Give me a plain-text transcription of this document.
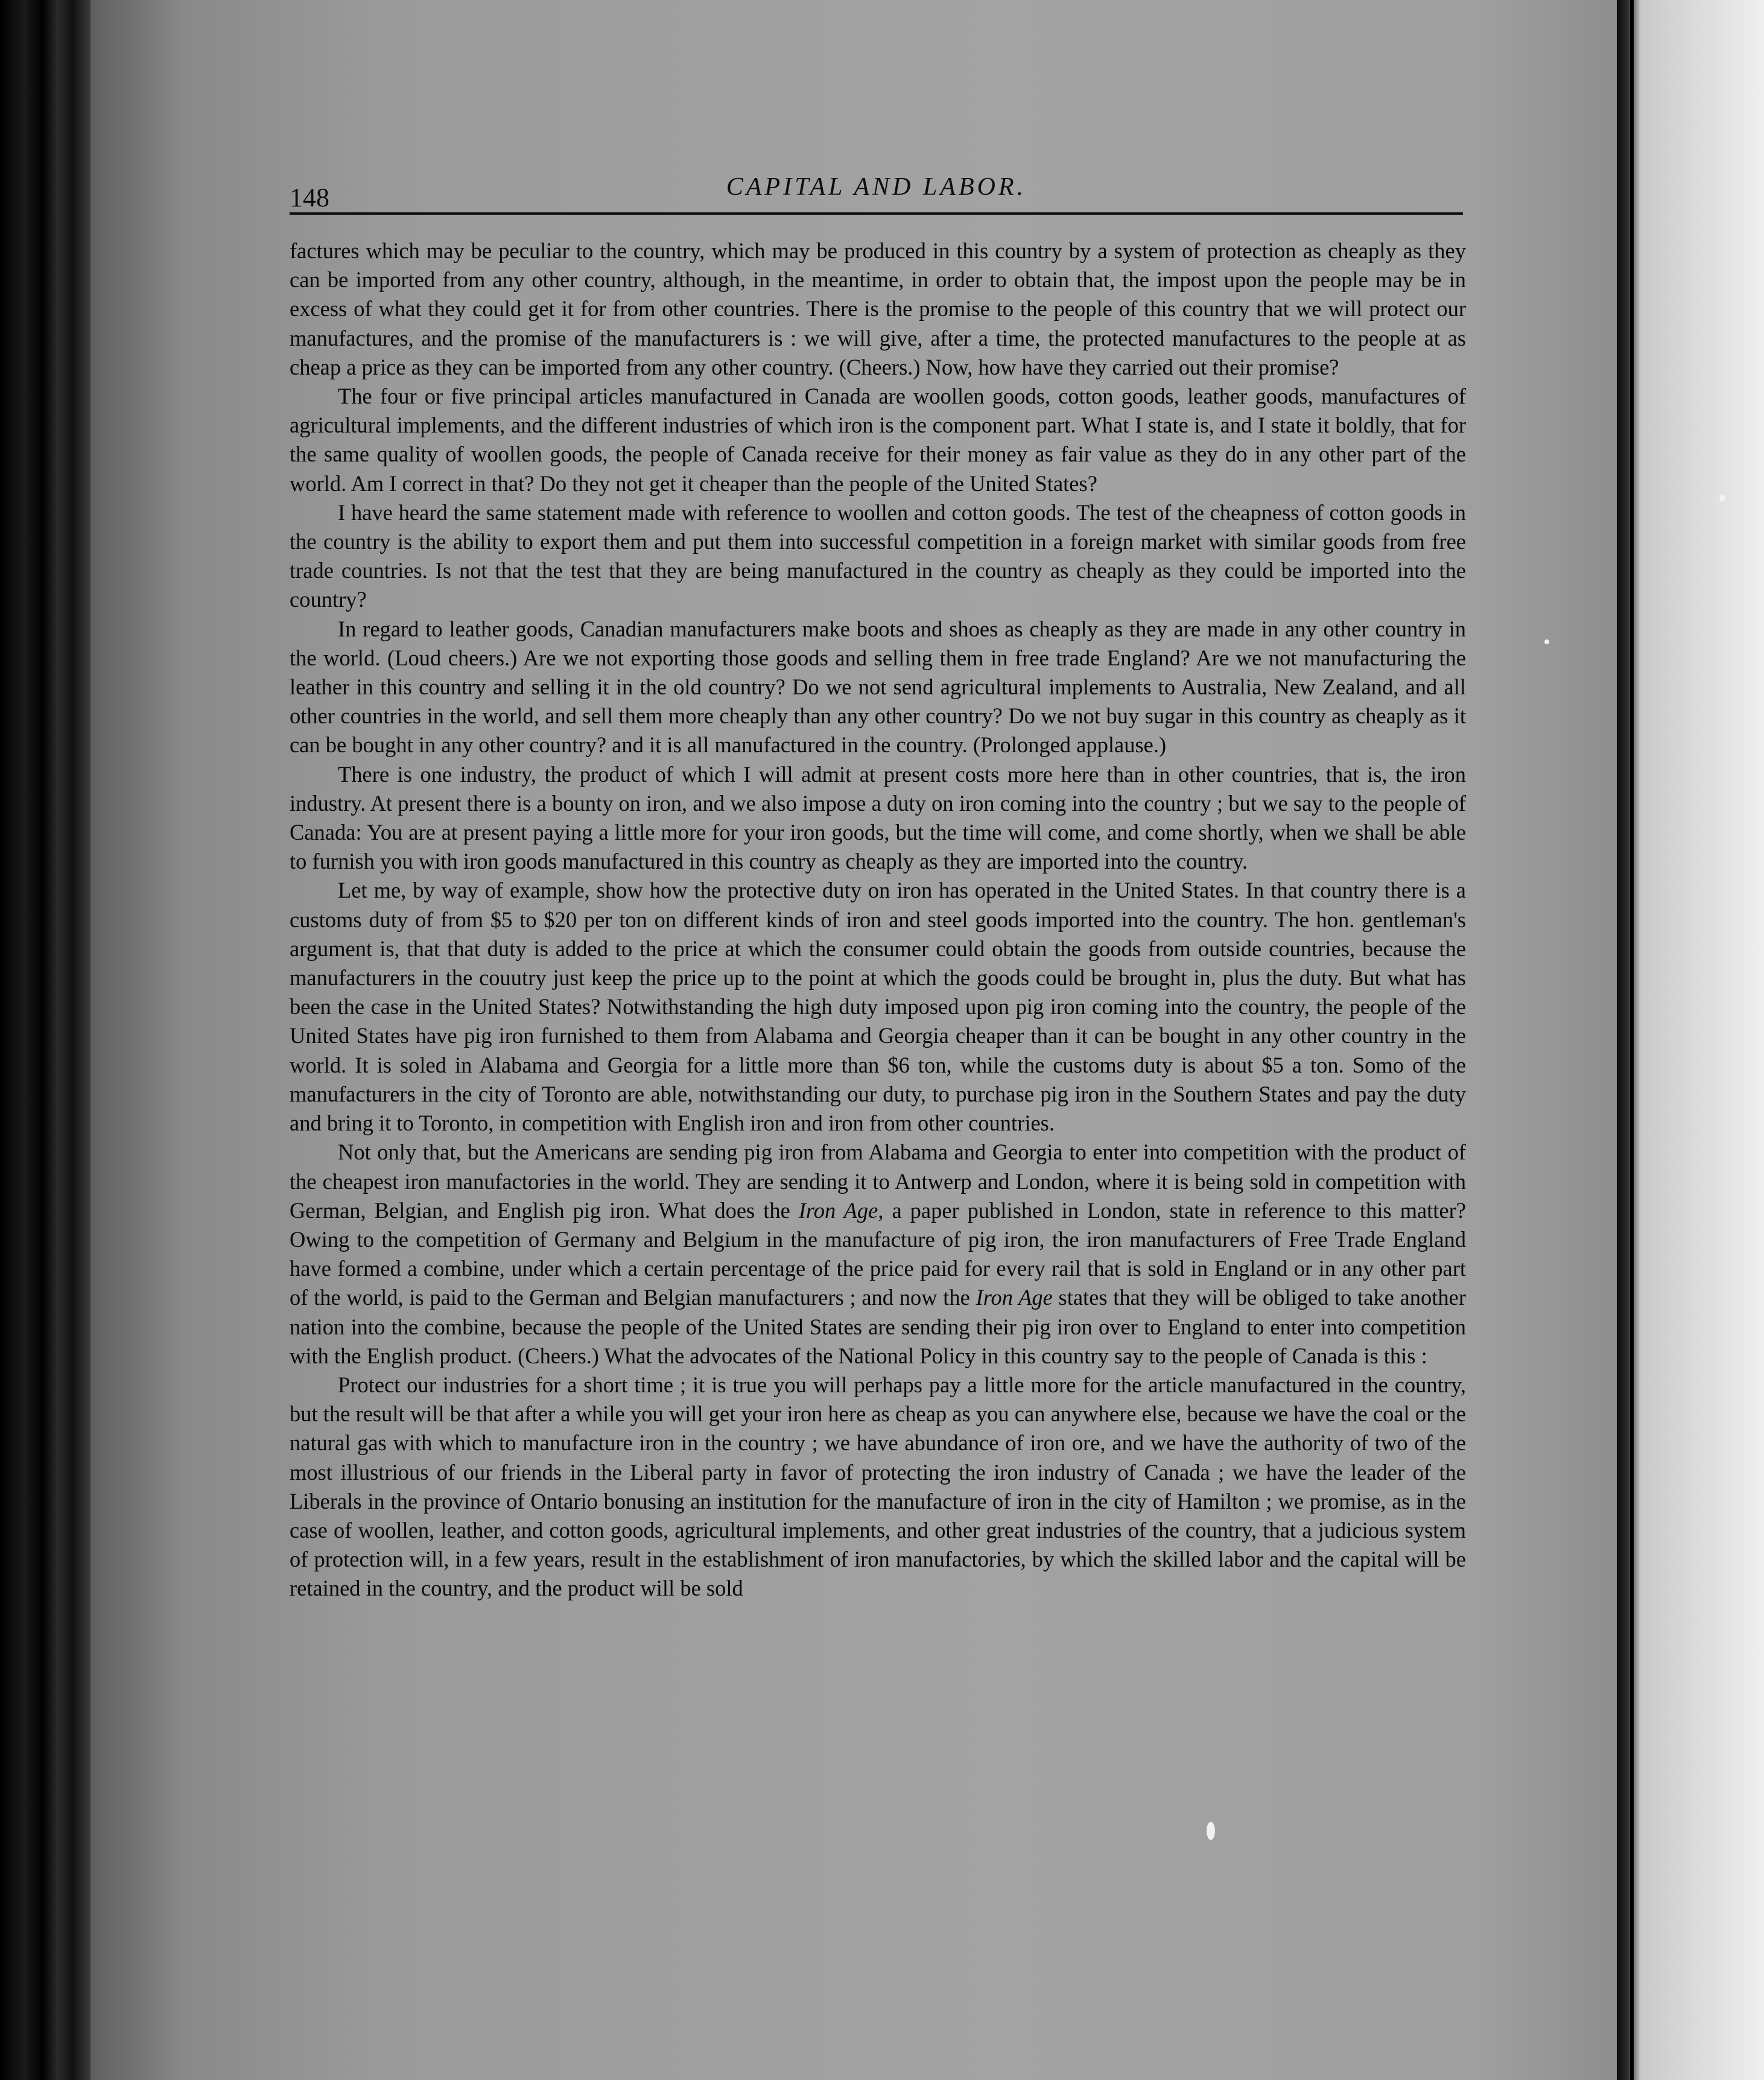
148	CAPITAL AND LABOR.

factures which may be peculiar to the country, which may be produced in this country by a system of protection as cheaply as they can be imported from any other country, although, in the meantime, in order to obtain that, the impost upon the people may be in excess of what they could get it for from other countries. There is the promise to the people of this country that we will protect our manufactures, and the promise of the manufacturers is : we will give, after a time, the protected manufactures to the people at as cheap a price as they can be imported from any other country. (Cheers.) Now, how have they carried out their promise?

The four or five principal articles manufactured in Canada are woollen goods, cotton goods, leather goods, manufactures of agricultural implements, and the different industries of which iron is the component part. What I state is, and I state it boldly, that for the same quality of woollen goods, the people of Canada receive for their money as fair value as they do in any other part of the world. Am I correct in that? Do they not get it cheaper than the people of the United States?

I have heard the same statement made with reference to woollen and cotton goods. The test of the cheapness of cotton goods in the country is the ability to export them and put them into successful competition in a foreign market with similar goods from free trade countries. Is not that the test that they are being manufactured in the country as cheaply as they could be imported into the country?

In regard to leather goods, Canadian manufacturers make boots and shoes as cheaply as they are made in any other country in the world. (Loud cheers.) Are we not exporting those goods and selling them in free trade England? Are we not manufacturing the leather in this country and selling it in the old country? Do we not send agricultural implements to Australia, New Zealand, and all other countries in the world, and sell them more cheaply than any other country? Do we not buy sugar in this country as cheaply as it can be bought in any other country? and it is all manufactured in the country. (Prolonged applause.)

There is one industry, the product of which I will admit at present costs more here than in other countries, that is, the iron industry. At present there is a bounty on iron, and we also impose a duty on iron coming into the country ; but we say to the people of Canada: You are at present paying a little more for your iron goods, but the time will come, and come shortly, when we shall be able to furnish you with iron goods manufactured in this country as cheaply as they are imported into the country.

Let me, by way of example, show how the protective duty on iron has operated in the United States. In that country there is a customs duty of from $5 to $20 per ton on different kinds of iron and steel goods imported into the country. The hon. gentleman's argument is, that that duty is added to the price at which the consumer could obtain the goods from outside countries, because the manufacturers in the couutry just keep the price up to the point at which the goods could be brought in, plus the duty. But what has been the case in the United States? Notwithstanding the high duty imposed upon pig iron coming into the country, the people of the United States have pig iron furnished to them from Alabama and Georgia cheaper than it can be bought in any other country in the world. It is soled in Alabama and Georgia for a little more than $6 ton, while the customs duty is about $5 a ton. Somo of the manufacturers in the city of Toronto are able, notwithstanding our duty, to purchase pig iron in the Southern States and pay the duty and bring it to Toronto, in competition with English iron and iron from other countries.

Not only that, but the Americans are sending pig iron from Alabama and Georgia to enter into competition with the product of the cheapest iron manufactories in the world. They are sending it to Antwerp and London, where it is being sold in competition with German, Belgian, and English pig iron. What does the Iron Age, a paper published in London, state in reference to this matter? Owing to the competition of Germany and Belgium in the manufacture of pig iron, the iron manufacturers of Free Trade England have formed a combine, under which a certain percentage of the price paid for every rail that is sold in England or in any other part of the world, is paid to the German and Belgian manufacturers ; and now the Iron Age states that they will be obliged to take another nation into the combine, because the people of the United States are sending their pig iron over to England to enter into competition with the English product. (Cheers.) What the advocates of the National Policy in this country say to the people of Canada is this :

Protect our industries for a short time ; it is true you will perhaps pay a little more for the article manufactured in the country, but the result will be that after a while you will get your iron here as cheap as you can anywhere else, because we have the coal or the natural gas with which to manufacture iron in the country ; we have abundance of iron ore, and we have the authority of two of the most illustrious of our friends in the Liberal party in favor of protecting the iron industry of Canada ; we have the leader of the Liberals in the province of Ontario bonusing an institution for the manufacture of iron in the city of Hamilton ; we promise, as in the case of woollen, leather, and cotton goods, agricultural implements, and other great industries of the country, that a judicious system of protection will, in a few years, result in the establishment of iron manufactories, by which the skilled labor and the capital will be retained in the country, and the product will be sold
